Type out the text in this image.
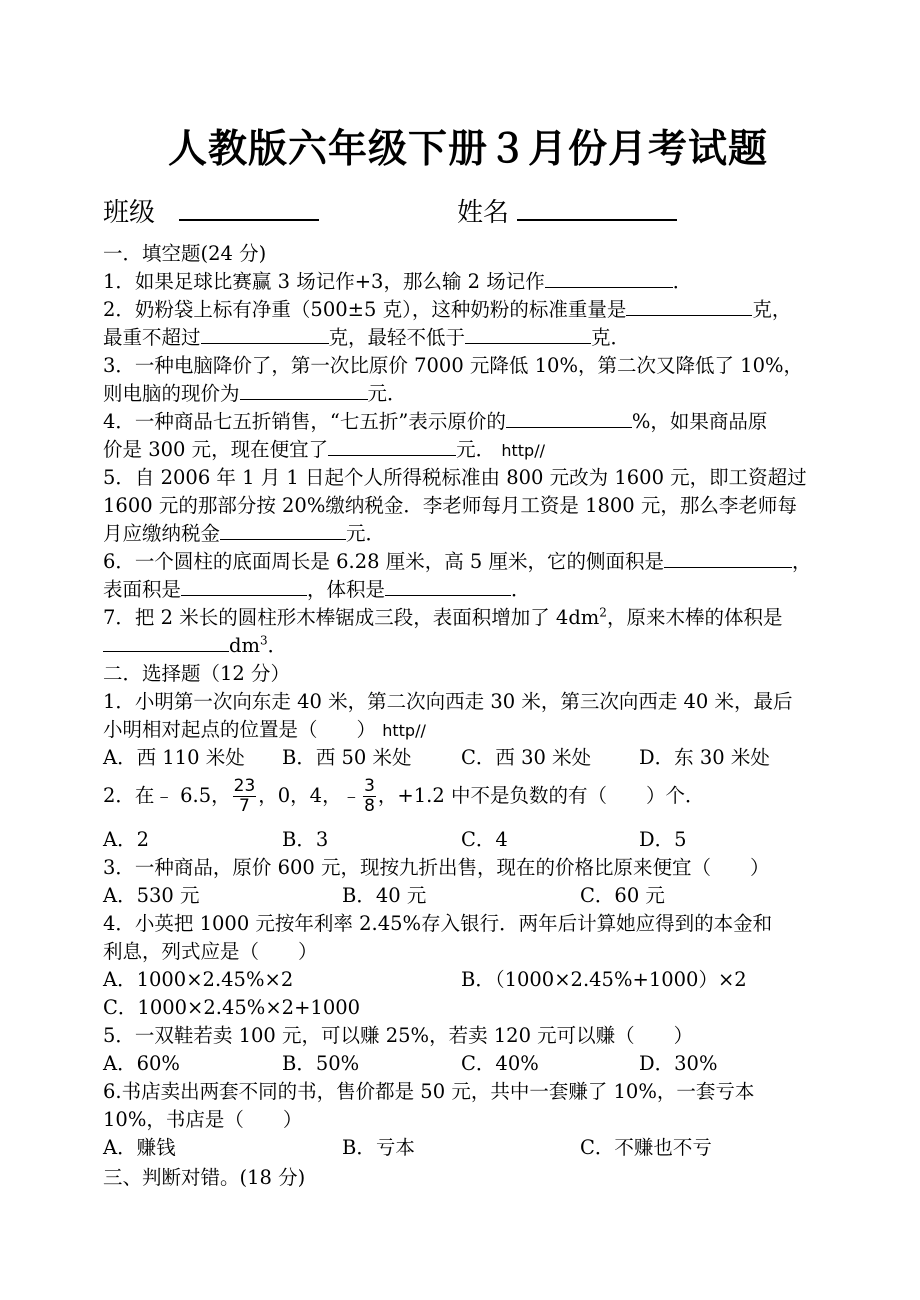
人教版六年级下册３月份月考试题
班级	姓名
一．填空题(24 分)
1．如果足球比赛赢 3 场记作+3，那么输 2 场记作	．
2．奶粉袋上标有净重（500±5 克），这种奶粉的标准重量是	克，
最重不超过	克，最轻不低于	克．
3．一种电脑降价了，第一次比原价 7000 元降低 10%，第二次又降低了 10%，
则电脑的现价为	元．
4．一种商品七五折销售，“七五折”表示原价的	%，如果商品原
价是 300 元，现在便宜了	元． http//
5．自 2006 年 1 月 1 日起个人所得税标准由 800 元改为 1600 元，即工资超过
1600 元的那部分按 20%缴纳税金．李老师每月工资是 1800 元，那么李老师每
月应缴纳税金	元．
6．一个圆柱的底面周长是 6.28 厘米，高 5 厘米，它的侧面积是	，
表面积是	，体积是	．
7．把 2 米长的圆柱形木棒锯成三段，表面积增加了 $4dm^2$，原来木棒的体积是
$dm^3$．
二．选择题（12 分）
1．小明第一次向东走 40 米，第二次向西走 30 米，第三次向西走 40 米，最后
小明相对起点的位置是（　　） http//
A．西 110 米处 B．西 50 米处	C．西 30 米处 D．东 30 米处
2．在﹣ 6.5， $\frac{23}{7}$ ，0，4，﹣ $\frac{3}{8}$ ，+1.2 中不是负数的有（　　）个．
A．2	B．3	C．4	D．5
3．一种商品，原价 600 元，现按九折出售，现在的价格比原来便宜（　　）
A．530 元	B．40 元	C．60 元
4．小英把 1000 元按年利率 2.45%存入银行．两年后计算她应得到的本金和
利息，列式应是（　　）
A．1000×2.45%×2	B．（1000×2.45%+1000）×2
C．1000×2.45%×2+1000
5．一双鞋若卖 100 元，可以赚 25%，若卖 120 元可以赚（　　）
A．60%	B．50%	C．40%	D．30%
6.书店卖出两套不同的书，售价都是 50 元，共中一套赚了 10%，一套亏本
10%，书店是（　　）
A．赚钱	B．亏本	C．不赚也不亏
三、判断对错。(18 分)
